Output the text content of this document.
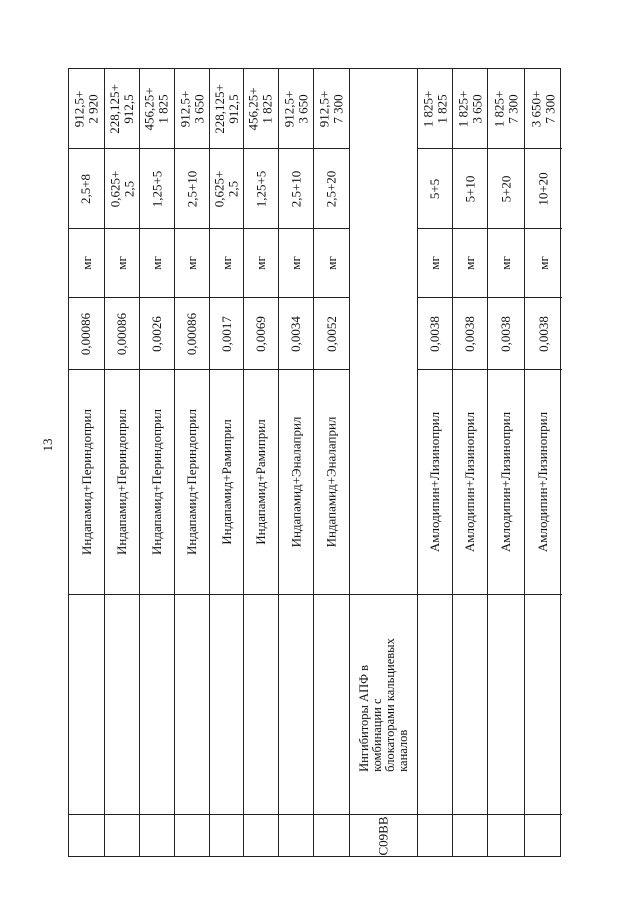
13
912,5+
2 920
2,5+8
мг
0,00086
Индапамид+Периндоприл
228,125+
912,5
0,625+
2,5
мг
0,00086
Индапамид+Периндоприл
456,25+
1 825
1,25+5
мг
0,0026
Индапамид+Периндоприл
912,5+
3 650
2,5+10
мг
0,00086
Индапамид+Периндоприл
228,125+
912,5
0,625+
2,5
мг
0,0017
Индапамид+Рамиприл
456,25+
1 825
1,25+5
мг
0,0069
Индапамид+Рамиприл
912,5+
3 650
2,5+10
мг
0,0034
Индапамид+Эналаприл
912,5+
7 300
2,5+20
мг
0,0052
Индапамид+Эналаприл
Ингибиторы АПФ в
комбинации с
блокаторами кальциевых
каналов
C09BB
1 825+
1 825
5+5
мг
0,0038
Амлодипин+Лизиноприл
1 825+
3 650
5+10
мг
0,0038
Амлодипин+Лизиноприл
1 825+
7 300
5+20
мг
0,0038
Амлодипин+Лизиноприл
3 650+
7 300
10+20
мг
0,0038
Амлодипин+Лизиноприл
